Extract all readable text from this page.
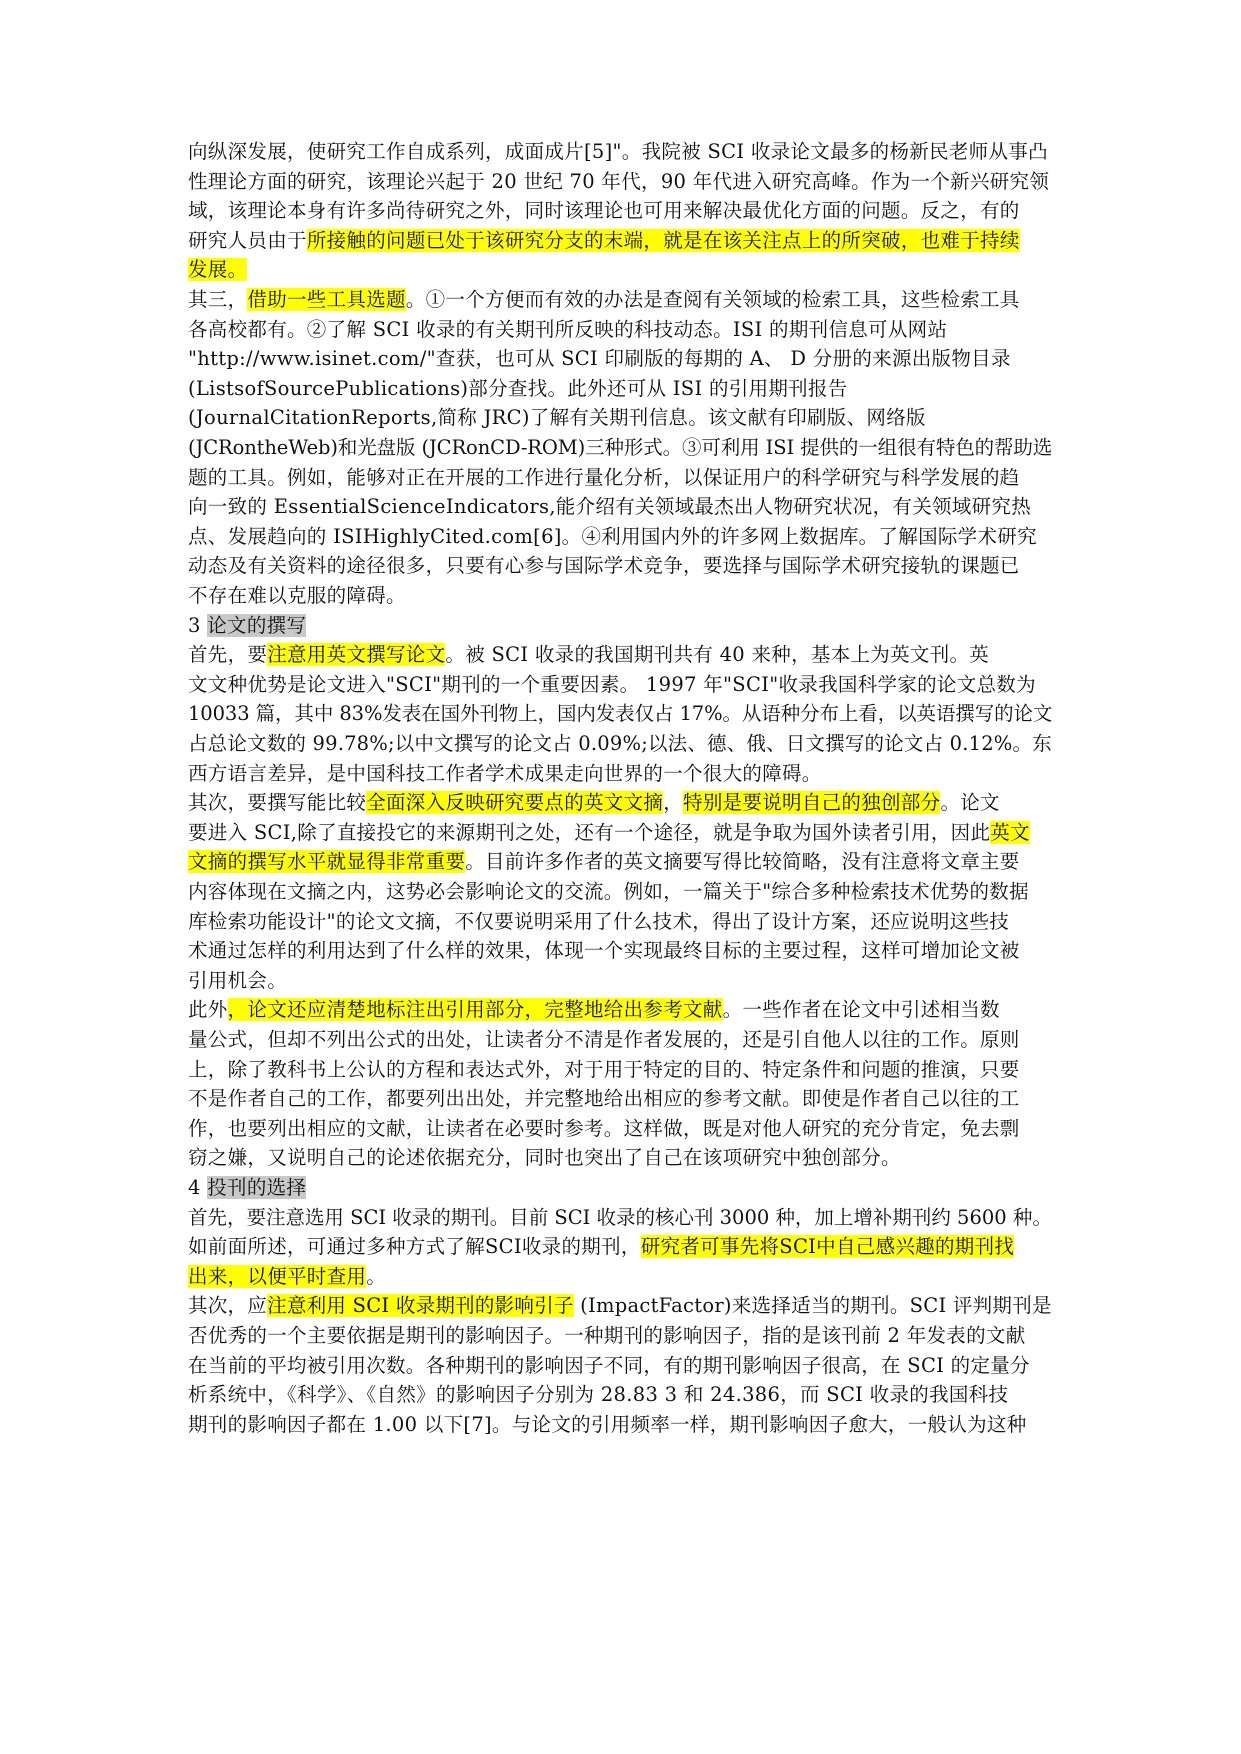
向纵深发展，使研究工作自成系列，成面成片[5]"。我院被 SCI 收录论文最多的杨新民老师从事凸
性理论方面的研究，该理论兴起于 20 世纪 70 年代，90 年代进入研究高峰。作为一个新兴研究领
域，该理论本身有许多尚待研究之外，同时该理论也可用来解决最优化方面的问题。反之，有的
研究人员由于所接触的问题已处于该研究分支的末端，就是在该关注点上的所突破，也难于持续
发展。
其三，借助一些工具选题。①一个方便而有效的办法是查阅有关领域的检索工具，这些检索工具
各高校都有。②了解 SCI 收录的有关期刊所反映的科技动态。ISI 的期刊信息可从网站
"http://www.isinet.com/"查获，也可从 SCI 印刷版的每期的 A、 D 分册的来源出版物目录
(ListsofSourcePublications)部分查找。此外还可从 ISI 的引用期刊报告
(JournalCitationReports,简称 JRC)了解有关期刊信息。该文献有印刷版、网络版
(JCRontheWeb)和光盘版 (JCRonCD-ROM)三种形式。③可利用 ISI 提供的一组很有特色的帮助选
题的工具。例如，能够对正在开展的工作进行量化分析，以保证用户的科学研究与科学发展的趋
向一致的 EssentialScienceIndicators,能介绍有关领域最杰出人物研究状况，有关领域研究热
点、发展趋向的 ISIHighlyCited.com[6]。④利用国内外的许多网上数据库。了解国际学术研究
动态及有关资料的途径很多，只要有心参与国际学术竞争，要选择与国际学术研究接轨的课题已
不存在难以克服的障碍。
3 论文的撰写
首先，要注意用英文撰写论文。被 SCI 收录的我国期刊共有 40 来种，基本上为英文刊。英
文文种优势是论文进入"SCI"期刊的一个重要因素。 1997 年"SCI"收录我国科学家的论文总数为
10033 篇，其中 83%发表在国外刊物上，国内发表仅占 17%。从语种分布上看，以英语撰写的论文
占总论文数的 99.78%;以中文撰写的论文占 0.09%;以法、德、俄、日文撰写的论文占 0.12%。东
西方语言差异，是中国科技工作者学术成果走向世界的一个很大的障碍。
其次，要撰写能比较全面深入反映研究要点的英文文摘，特别是要说明自己的独创部分。论文
要进入 SCI,除了直接投它的来源期刊之处，还有一个途径，就是争取为国外读者引用，因此英文
文摘的撰写水平就显得非常重要。目前许多作者的英文摘要写得比较简略，没有注意将文章主要
内容体现在文摘之内，这势必会影响论文的交流。例如，一篇关于"综合多种检索技术优势的数据
库检索功能设计"的论文文摘，不仅要说明采用了什么技术，得出了设计方案，还应说明这些技
术通过怎样的利用达到了什么样的效果，体现一个实现最终目标的主要过程，这样可增加论文被
引用机会。
此外，论文还应清楚地标注出引用部分，完整地给出参考文献。一些作者在论文中引述相当数
量公式，但却不列出公式的出处，让读者分不清是作者发展的，还是引自他人以往的工作。原则
上，除了教科书上公认的方程和表达式外，对于用于特定的目的、特定条件和问题的推演，只要
不是作者自己的工作，都要列出出处，并完整地给出相应的参考文献。即使是作者自己以往的工
作，也要列出相应的文献，让读者在必要时参考。这样做，既是对他人研究的充分肯定，免去剽
窃之嫌，又说明自己的论述依据充分，同时也突出了自己在该项研究中独创部分。
4 投刊的选择
首先，要注意选用 SCI 收录的期刊。目前 SCI 收录的核心刊 3000 种，加上增补期刊约 5600 种。
如前面所述，可通过多种方式了解SCI收录的期刊，研究者可事先将SCI中自己感兴趣的期刊找
出来，以便平时查用。
其次，应注意利用 SCI 收录期刊的影响引子 (ImpactFactor)来选择适当的期刊。SCI 评判期刊是
否优秀的一个主要依据是期刊的影响因子。一种期刊的影响因子，指的是该刊前 2 年发表的文献
在当前的平均被引用次数。各种期刊的影响因子不同，有的期刊影响因子很高，在 SCI 的定量分
析系统中，《科学》、《自然》的影响因子分别为 28.83 3 和 24.386，而 SCI 收录的我国科技
期刊的影响因子都在 1.00 以下[7]。与论文的引用频率一样，期刊影响因子愈大，一般认为这种
